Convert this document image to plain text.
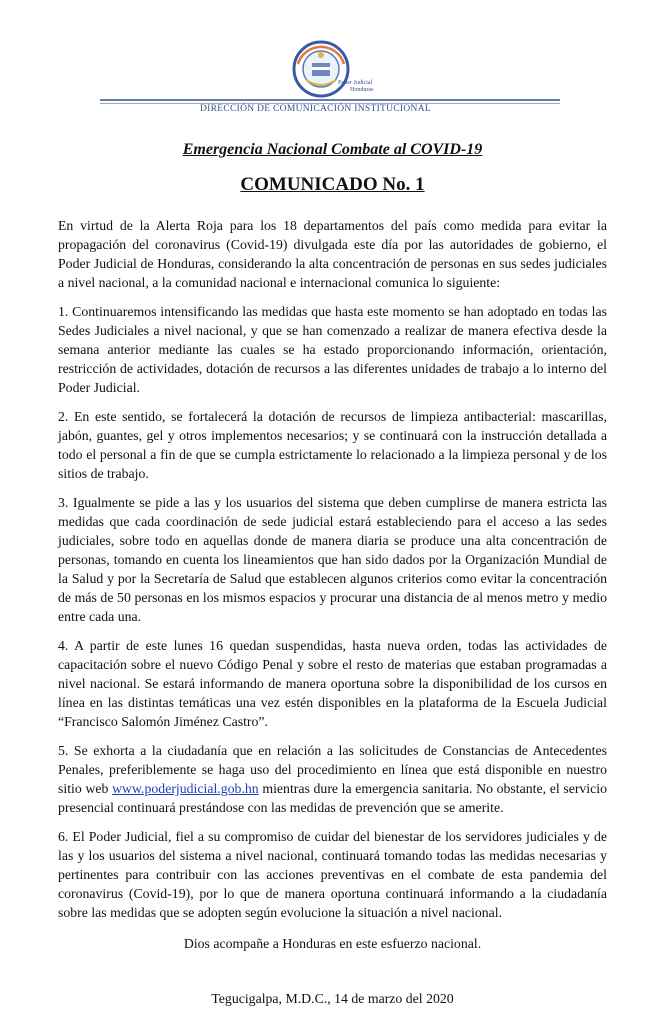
Poder Judicial
Honduras
DIRECCIÓN DE COMUNICACIÓN INSTITUCIONAL

Emergencia Nacional Combate al COVID-19

COMUNICADO No. 1

En virtud de la Alerta Roja para los 18 departamentos del país como medida para evitar la propagación del coronavirus (Covid-19) divulgada este día por las autoridades de gobierno, el Poder Judicial de Honduras, considerando la alta concentración de personas en sus sedes judiciales a nivel nacional, a la comunidad nacional e internacional comunica lo siguiente:

1. Continuaremos intensificando las medidas que hasta este momento se han adoptado en todas las Sedes Judiciales a nivel nacional, y que se han comenzado a realizar de manera efectiva desde la semana anterior mediante las cuales se ha estado proporcionando información, orientación, restricción de actividades, dotación de recursos a las diferentes unidades de trabajo a lo interno del Poder Judicial.

2. En este sentido, se fortalecerá la dotación de recursos de limpieza antibacterial: mascarillas, jabón, guantes, gel y otros implementos necesarios; y se continuará con la instrucción detallada a todo el personal a fin de que se cumpla estrictamente lo relacionado a la limpieza personal y de los sitios de trabajo.

3. Igualmente se pide a las y los usuarios del sistema que deben cumplirse de manera estricta las medidas que cada coordinación de sede judicial estará estableciendo para el acceso a las sedes judiciales, sobre todo en aquellas donde de manera diaria se produce una alta concentración de personas, tomando en cuenta los lineamientos que han sido dados por la Organización Mundial de la Salud y por la Secretaría de Salud que establecen algunos criterios como evitar la concentración de más de 50 personas en los mismos espacios y procurar una distancia de al menos metro y medio entre cada una.

4. A partir de este lunes 16 quedan suspendidas, hasta nueva orden, todas las actividades de capacitación sobre el nuevo Código Penal y sobre el resto de materias que estaban programadas a nivel nacional. Se estará informando de manera oportuna sobre la disponibilidad de los cursos en línea en las distintas temáticas una vez estén disponibles en la plataforma de la Escuela Judicial “Francisco Salomón Jiménez Castro”.

5. Se exhorta a la ciudadanía que en relación a las solicitudes de Constancias de Antecedentes Penales, preferiblemente se haga uso del procedimiento en línea que está disponible en nuestro sitio web www.poderjudicial.gob.hn mientras dure la emergencia sanitaria. No obstante, el servicio presencial continuará prestándose con las medidas de prevención que se amerite.

6. El Poder Judicial, fiel a su compromiso de cuidar del bienestar de los servidores judiciales y de las y los usuarios del sistema a nivel nacional, continuará tomando todas las medidas necesarias y pertinentes para contribuir con las acciones preventivas en el combate de esta pandemia del coronavirus (Covid-19), por lo que de manera oportuna continuará informando a la ciudadanía sobre las medidas que se adopten según evolucione la situación a nivel nacional.

Dios acompañe a Honduras en este esfuerzo nacional.

Tegucigalpa, M.D.C., 14 de marzo del 2020
